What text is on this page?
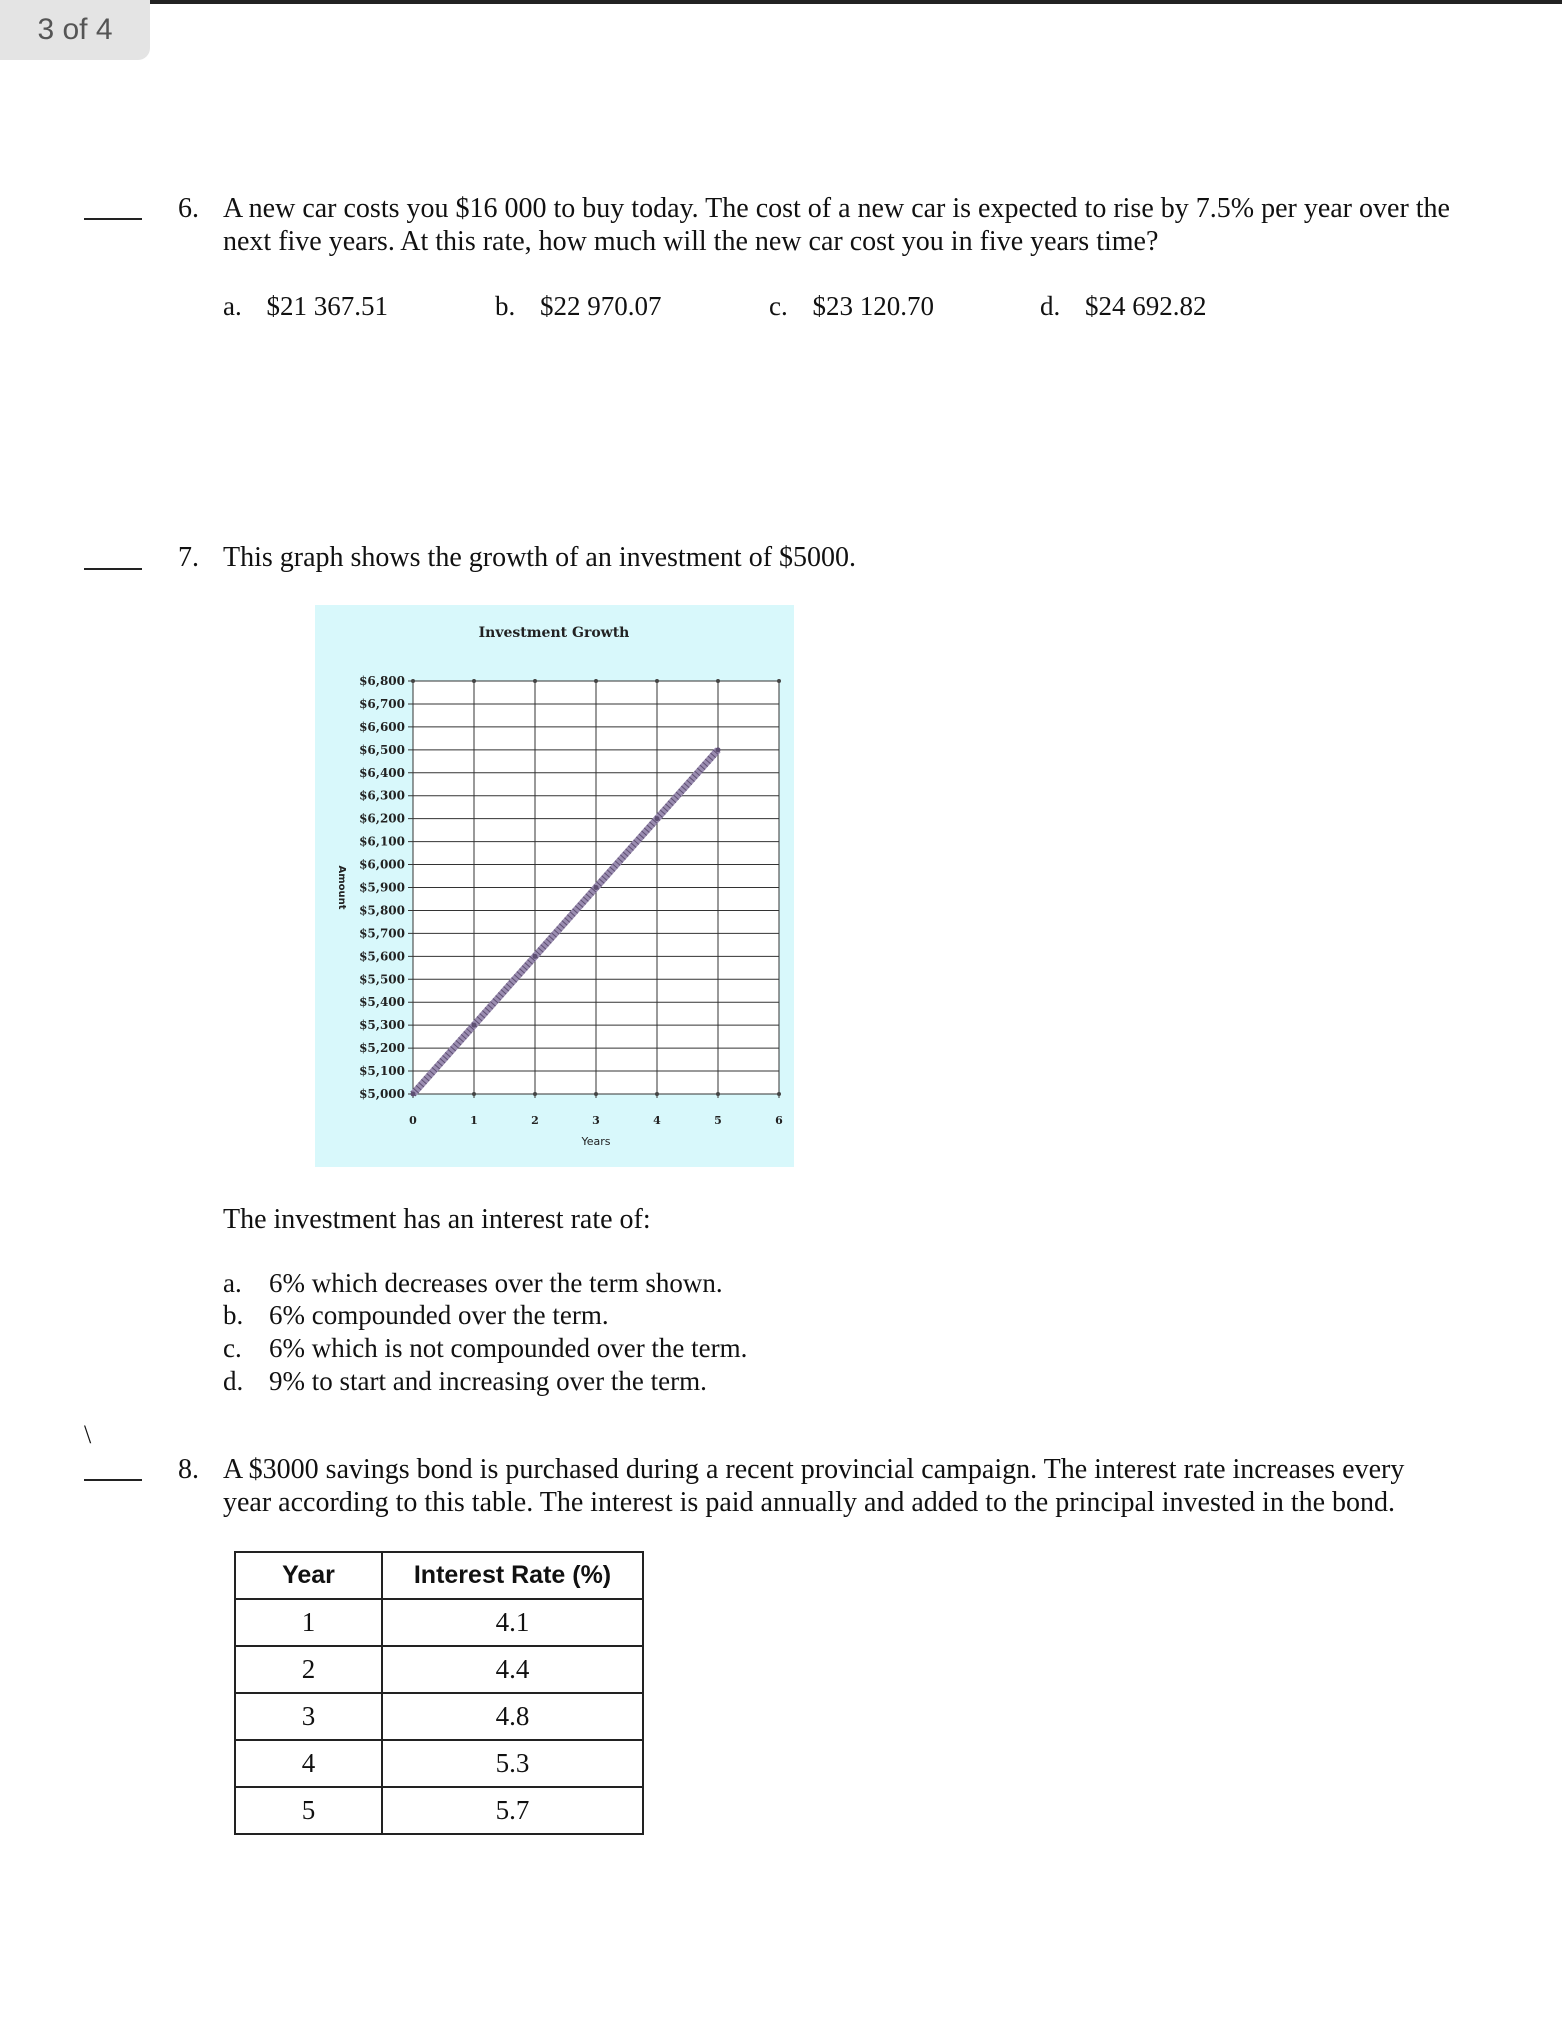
3 of 4
6. A new car costs you $16 000 to buy today. The cost of a new car is expected to rise by 7.5% per year over the
next five years. At this rate, how much will the new car cost you in five years time?
a. $21 367.51	b. $22 970.07	c. $23 120.70	d. $24 692.82
7. This graph shows the growth of an investment of $5000.
$5,000
$5,100
$5,200
$5,300
$5,400
$5,500
$5,600
$5,700
$5,800
$5,900
$6,000
$6,100
$6,200
$6,300
$6,400
$6,500
$6,600
$6,700
$6,800
0	1	2	3	4	5	6
Investment Growth
Years
Amount
The investment has an interest rate of:
a. 6% which decreases over the term shown.
b. 6% compounded over the term.
c. 6% which is not compounded over the term.
d. 9% to start and increasing over the term.
\
8. A $3000 savings bond is purchased during a recent provincial campaign. The interest rate increases every
year according to this table. The interest is paid annually and added to the principal invested in the bond.
Year	Interest Rate (%)
1	4.1
2	4.4
3	4.8
4	5.3
5	5.7
